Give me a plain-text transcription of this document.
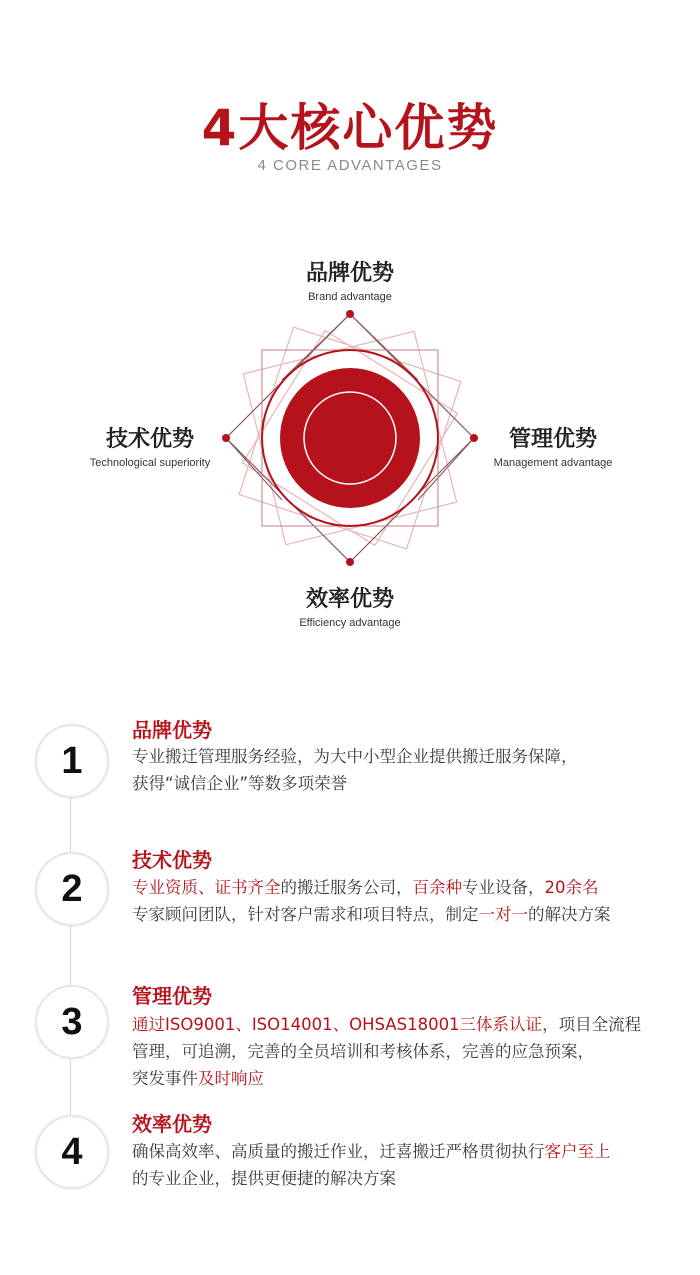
4大核心优势
4 CORE ADVANTAGES
品牌优势
Brand advantage
技术优势
Technological superiority
管理优势
Management advantage
效率优势
Efficiency advantage
1
品牌优势
专业搬迁管理服务经验，为大中小型企业提供搬迁服务保障，
获得“诚信企业”等数多项荣誉
2
技术优势
专业资质、证书齐全的搬迁服务公司，百余种专业设备，20余名
专家顾问团队，针对客户需求和项目特点，制定一对一的解决方案
3
管理优势
通过ISO9001、ISO14001、OHSAS18001三体系认证，项目全流程
管理，可追溯，完善的全员培训和考核体系，完善的应急预案，
突发事件及时响应
4
效率优势
确保高效率、高质量的搬迁作业，迁喜搬迁严格贯彻执行客户至上
的专业企业，提供更便捷的解决方案
